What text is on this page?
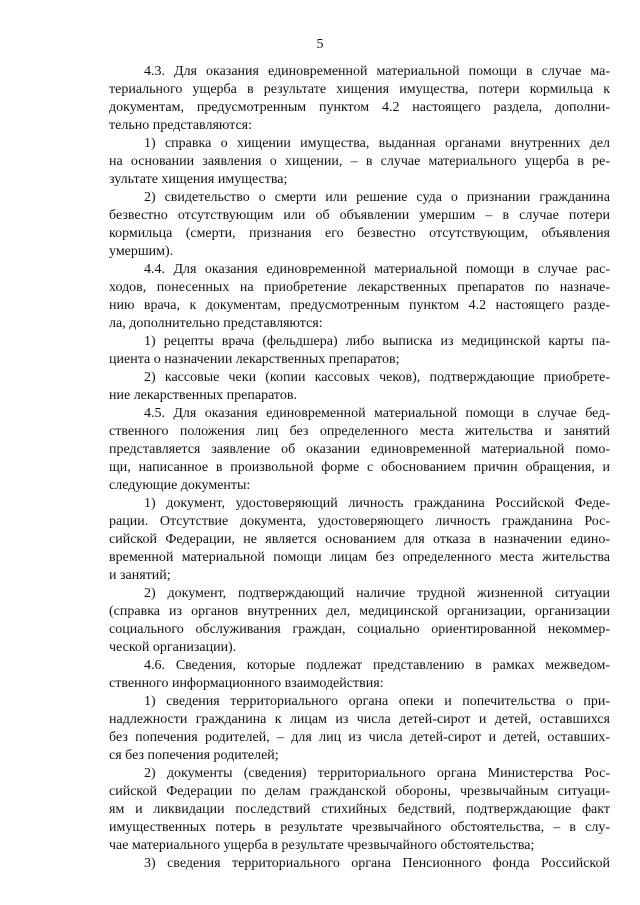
5
4.3. Для оказания единовременной материальной помощи в случае ма-
териального ущерба в результате хищения имущества, потери кормильца к
документам, предусмотренным пунктом 4.2 настоящего раздела, дополни-
тельно представляются:
1) справка о хищении имущества, выданная органами внутренних дел
на основании заявления о хищении, – в случае материального ущерба в ре-
зультате хищения имущества;
2) свидетельство о смерти или решение суда о признании гражданина
безвестно отсутствующим или об объявлении умершим – в случае потери
кормильца (смерти, признания его безвестно отсутствующим, объявления
умершим).
4.4. Для оказания единовременной материальной помощи в случае рас-
ходов, понесенных на приобретение лекарственных препаратов по назначе-
нию врача, к документам, предусмотренным пунктом 4.2 настоящего разде-
ла, дополнительно представляются:
1) рецепты врача (фельдшера) либо выписка из медицинской карты па-
циента о назначении лекарственных препаратов;
2) кассовые чеки (копии кассовых чеков), подтверждающие приобрете-
ние лекарственных препаратов.
4.5. Для оказания единовременной материальной помощи в случае бед-
ственного положения лиц без определенного места жительства и занятий
представляется заявление об оказании единовременной материальной помо-
щи, написанное в произвольной форме с обоснованием причин обращения, и
следующие документы:
1) документ, удостоверяющий личность гражданина Российской Феде-
рации. Отсутствие документа, удостоверяющего личность гражданина Рос-
сийской Федерации, не является основанием для отказа в назначении едино-
временной материальной помощи лицам без определенного места жительства
и занятий;
2) документ, подтверждающий наличие трудной жизненной ситуации
(справка из органов внутренних дел, медицинской организации, организации
социального обслуживания граждан, социально ориентированной некоммер-
ческой организации).
4.6. Сведения, которые подлежат представлению в рамках межведом-
ственного информационного взаимодействия:
1) сведения территориального органа опеки и попечительства о при-
надлежности гражданина к лицам из числа детей-сирот и детей, оставшихся
без попечения родителей, – для лиц из числа детей-сирот и детей, оставших-
ся без попечения родителей;
2) документы (сведения) территориального органа Министерства Рос-
сийской Федерации по делам гражданской обороны, чрезвычайным ситуаци-
ям и ликвидации последствий стихийных бедствий, подтверждающие факт
имущественных потерь в результате чрезвычайного обстоятельства, – в слу-
чае материального ущерба в результате чрезвычайного обстоятельства;
3) сведения территориального органа Пенсионного фонда Российской
